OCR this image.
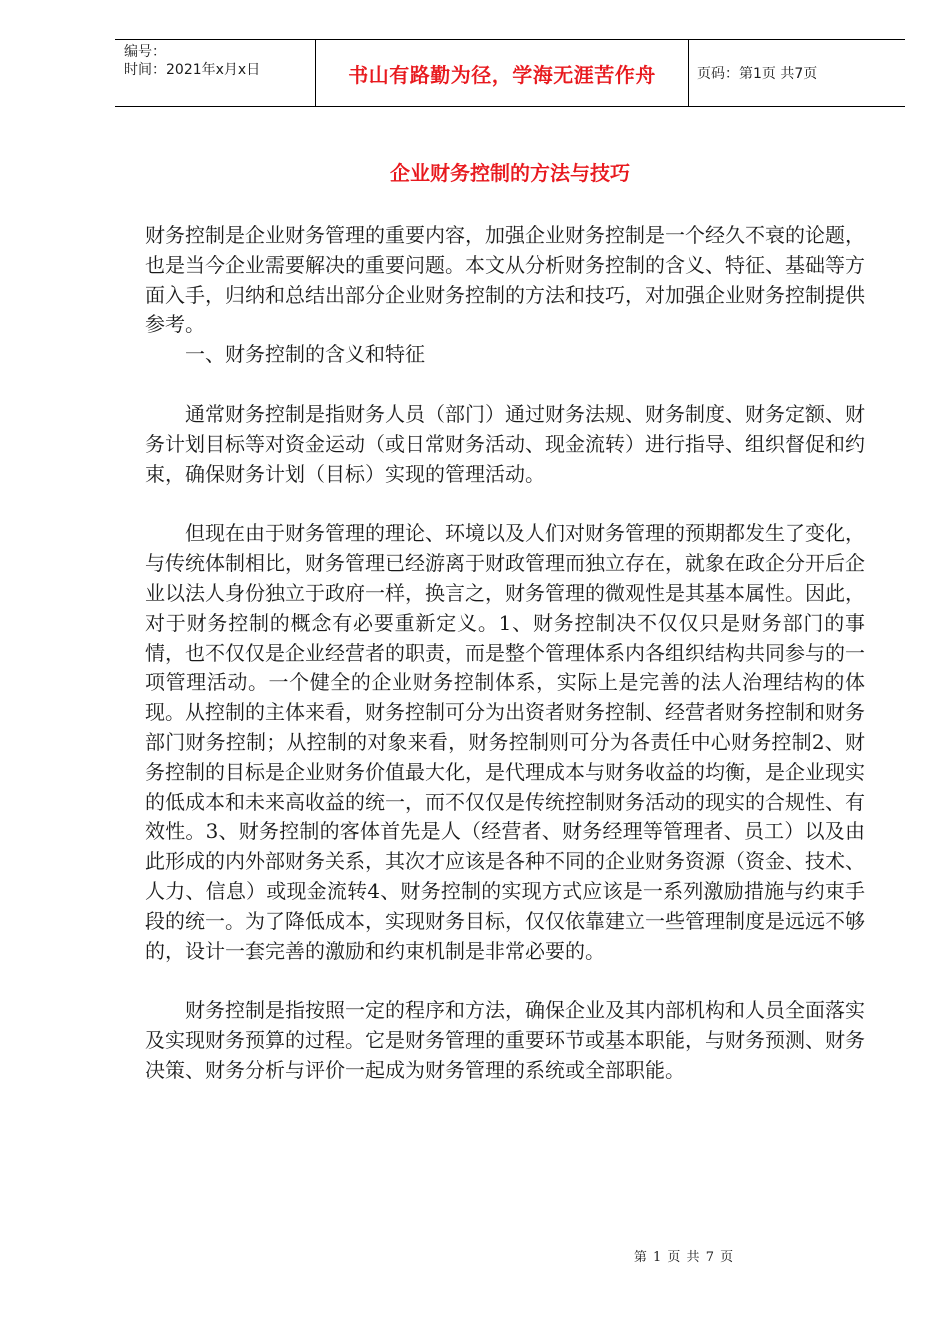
编号：
时间：2021年x月x日	书山有路勤为径，学海无涯苦作舟	页码：第1页 共7页
企业财务控制的方法与技巧

财务控制是企业财务管理的重要内容，加强企业财务控制是一个经久不衰的论题，也是当今企业需要解决的重要问题。本文从分析财务控制的含义、特征、基础等方面入手，归纳和总结出部分企业财务控制的方法和技巧，对加强企业财务控制提供参考。

一、财务控制的含义和特征

通常财务控制是指财务人员（部门）通过财务法规、财务制度、财务定额、财务计划目标等对资金运动（或日常财务活动、现金流转）进行指导、组织督促和约束，确保财务计划（目标）实现的管理活动。

但现在由于财务管理的理论、环境以及人们对财务管理的预期都发生了变化，与传统体制相比，财务管理已经游离于财政管理而独立存在，就象在政企分开后企业以法人身份独立于政府一样，换言之，财务管理的微观性是其基本属性。因此，对于财务控制的概念有必要重新定义。1、财务控制决不仅仅只是财务部门的事情，也不仅仅是企业经营者的职责，而是整个管理体系内各组织结构共同参与的一项管理活动。一个健全的企业财务控制体系，实际上是完善的法人治理结构的体现。从控制的主体来看，财务控制可分为出资者财务控制、经营者财务控制和财务部门财务控制；从控制的对象来看，财务控制则可分为各责任中心财务控制2、财务控制的目标是企业财务价值最大化，是代理成本与财务收益的均衡，是企业现实的低成本和未来高收益的统一，而不仅仅是传统控制财务活动的现实的合规性、有效性。3、财务控制的客体首先是人（经营者、财务经理等管理者、员工）以及由此形成的内外部财务关系，其次才应该是各种不同的企业财务资源（资金、技术、人力、信息）或现金流转4、财务控制的实现方式应该是一系列激励措施与约束手段的统一。为了降低成本，实现财务目标，仅仅依靠建立一些管理制度是远远不够的，设计一套完善的激励和约束机制是非常必要的。

财务控制是指按照一定的程序和方法，确保企业及其内部机构和人员全面落实及实现财务预算的过程。它是财务管理的重要环节或基本职能，与财务预测、财务决策、财务分析与评价一起成为财务管理的系统或全部职能。

第 1 页 共 7 页
